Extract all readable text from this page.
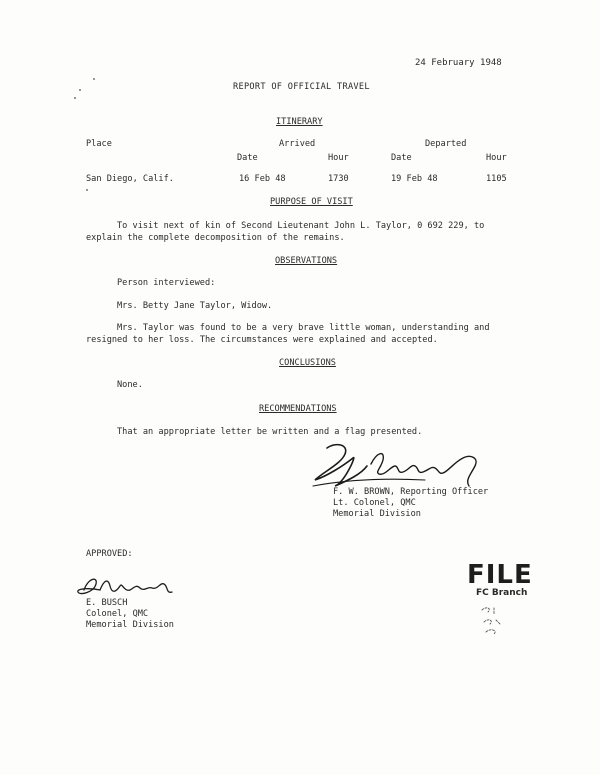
24 February 1948
REPORT OF OFFICIAL TRAVEL
ITINERARY
Place	Arrived	Departed
Date	Hour	Date	Hour
San Diego, Calif.	16 Feb 48	1730	19 Feb 48	1105
PURPOSE OF VISIT
To visit next of kin of Second Lieutenant John L. Taylor, 0 692 229, to
explain the complete decomposition of the remains.
OBSERVATIONS
Person interviewed:
Mrs. Betty Jane Taylor, Widow.
Mrs. Taylor was found to be a very brave little woman, understanding and
resigned to her loss. The circumstances were explained and accepted.
CONCLUSIONS
None.
RECOMMENDATIONS
That an appropriate letter be written and a flag presented.
F. W. BROWN, Reporting Officer
Lt. Colonel, QMC
Memorial Division
APPROVED:
E. BUSCH
Colonel, QMC
Memorial Division
FILE
FC Branch
